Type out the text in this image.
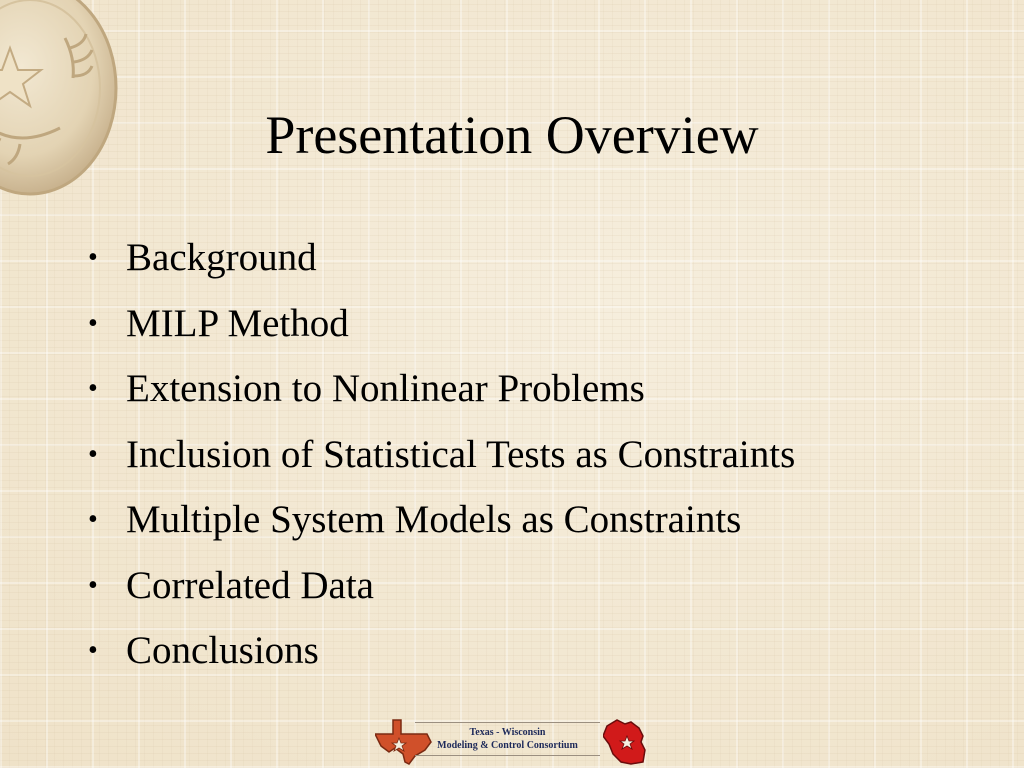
Presentation Overview
• Background
• MILP Method
• Extension to Nonlinear Problems
• Inclusion of Statistical Tests as Constraints
• Multiple System Models as Constraints
• Correlated Data
• Conclusions
Texas - Wisconsin
Modeling & Control Consortium
